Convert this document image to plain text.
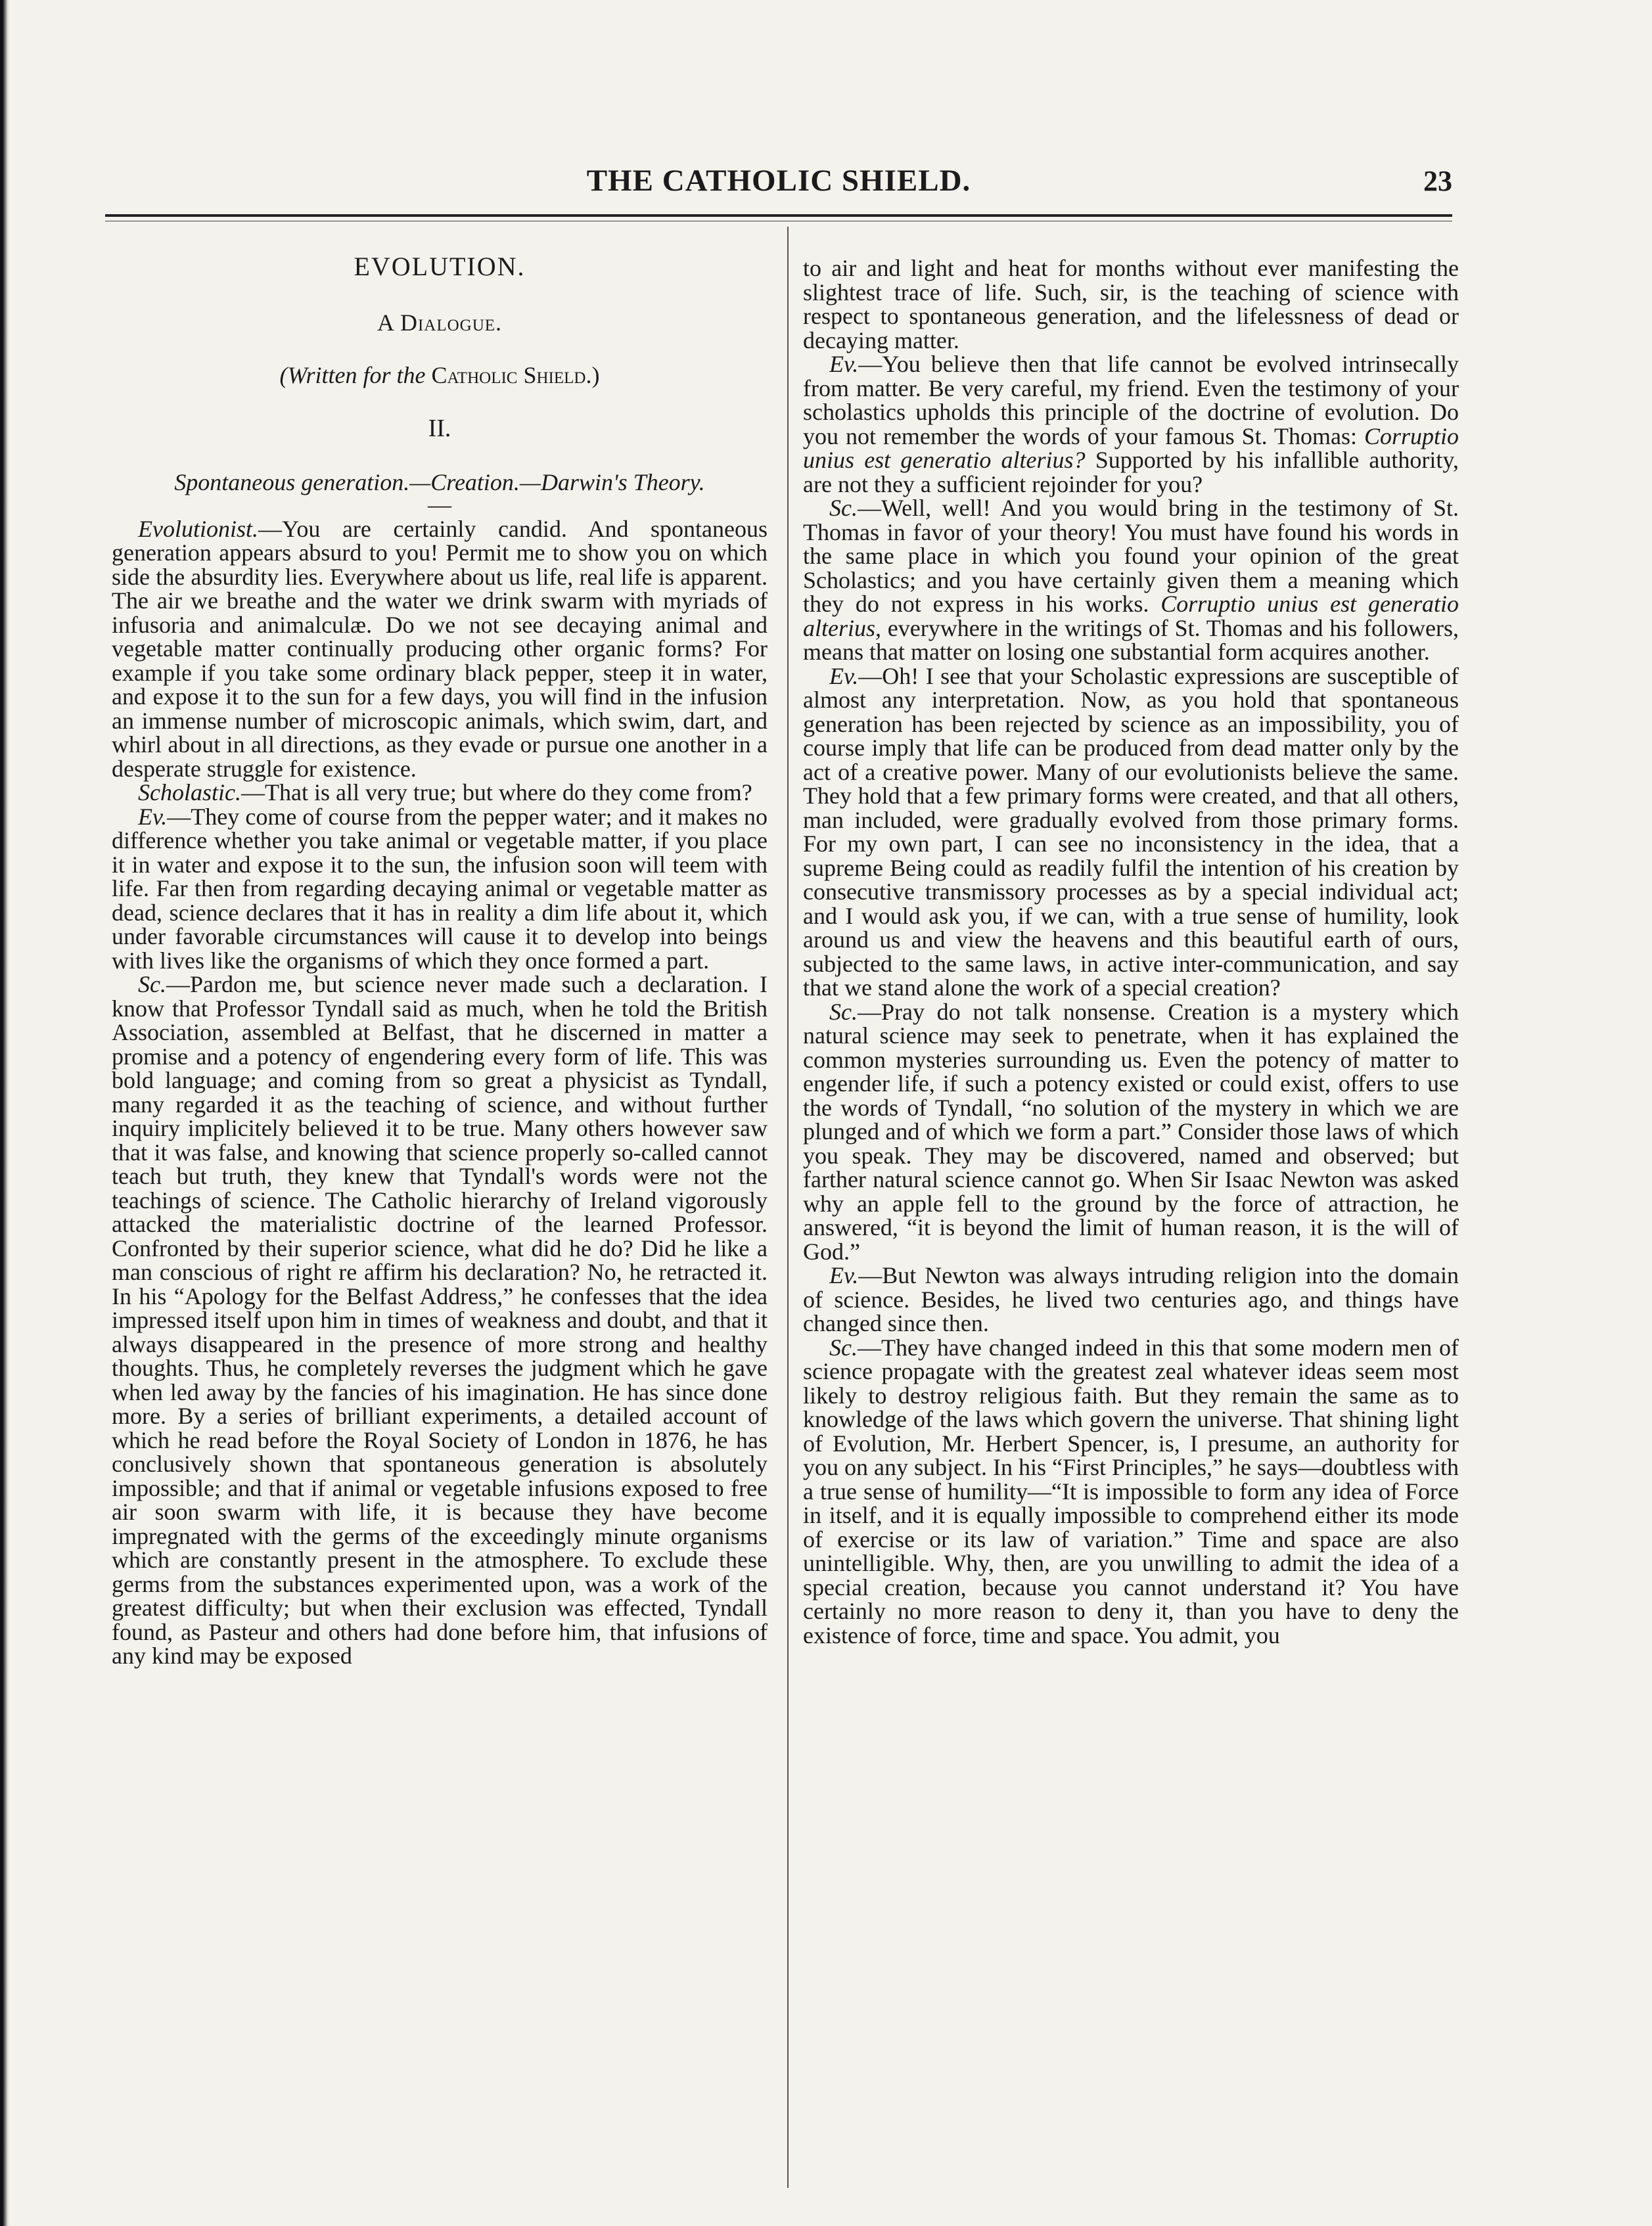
THE CATHOLIC SHIELD.	23

EVOLUTION.

A Dialogue.

(Written for the Catholic Shield.)

II.

Spontaneous generation.—Creation.—Darwin's Theory.

—

Evolutionist.—You are certainly candid. And spontaneous generation appears absurd to you! Permit me to show you on which side the absurdity lies. Everywhere about us life, real life is apparent. The air we breathe and the water we drink swarm with myriads of infusoria and animalculæ. Do we not see decaying animal and vegetable matter continually producing other organic forms? For example if you take some ordinary black pepper, steep it in water, and expose it to the sun for a few days, you will find in the infusion an immense number of microscopic animals, which swim, dart, and whirl about in all directions, as they evade or pursue one another in a desperate struggle for existence.

Scholastic.—That is all very true; but where do they come from?

Ev.—They come of course from the pepper water; and it makes no difference whether you take animal or vegetable matter, if you place it in water and expose it to the sun, the infusion soon will teem with life. Far then from regarding decaying animal or vegetable matter as dead, science declares that it has in reality a dim life about it, which under favorable circumstances will cause it to develop into beings with lives like the organisms of which they once formed a part.

Sc.—Pardon me, but science never made such a declaration. I know that Professor Tyndall said as much, when he told the British Association, assembled at Belfast, that he discerned in matter a promise and a potency of engendering every form of life. This was bold language; and coming from so great a physicist as Tyndall, many regarded it as the teaching of science, and without further inquiry implicitely believed it to be true. Many others however saw that it was false, and knowing that science properly so-called cannot teach but truth, they knew that Tyndall's words were not the teachings of science. The Catholic hierarchy of Ireland vigorously attacked the materialistic doctrine of the learned Professor. Confronted by their superior science, what did he do? Did he like a man conscious of right re affirm his declaration? No, he retracted it. In his “Apology for the Belfast Address,” he confesses that the idea impressed itself upon him in times of weakness and doubt, and that it always disappeared in the presence of more strong and healthy thoughts. Thus, he completely reverses the judgment which he gave when led away by the fancies of his imagination. He has since done more. By a series of brilliant experiments, a detailed account of which he read before the Royal Society of London in 1876, he has conclusively shown that spontaneous generation is absolutely impossible; and that if animal or vegetable infusions exposed to free air soon swarm with life, it is because they have become impregnated with the germs of the exceedingly minute organisms which are constantly present in the atmosphere. To exclude these germs from the substances experimented upon, was a work of the greatest difficulty; but when their exclusion was effected, Tyndall found, as Pasteur and others had done before him, that infusions of any kind may be exposed

to air and light and heat for months without ever manifesting the slightest trace of life. Such, sir, is the teaching of science with respect to spontaneous generation, and the lifelessness of dead or decaying matter.

Ev.—You believe then that life cannot be evolved intrinsecally from matter. Be very careful, my friend. Even the testimony of your scholastics upholds this principle of the doctrine of evolution. Do you not remember the words of your famous St. Thomas: Corruptio unius est generatio alterius? Supported by his infallible authority, are not they a sufficient rejoinder for you?

Sc.—Well, well! And you would bring in the testimony of St. Thomas in favor of your theory! You must have found his words in the same place in which you found your opinion of the great Scholastics; and you have certainly given them a meaning which they do not express in his works. Corruptio unius est generatio alterius, everywhere in the writings of St. Thomas and his followers, means that matter on losing one substantial form acquires another.

Ev.—Oh! I see that your Scholastic expressions are susceptible of almost any interpretation. Now, as you hold that spontaneous generation has been rejected by science as an impossibility, you of course imply that life can be produced from dead matter only by the act of a creative power. Many of our evolutionists believe the same. They hold that a few primary forms were created, and that all others, man included, were gradually evolved from those primary forms. For my own part, I can see no inconsistency in the idea, that a supreme Being could as readily fulfil the intention of his creation by consecutive transmissory processes as by a special individual act; and I would ask you, if we can, with a true sense of humility, look around us and view the heavens and this beautiful earth of ours, subjected to the same laws, in active inter-communication, and say that we stand alone the work of a special creation?

Sc.—Pray do not talk nonsense. Creation is a mystery which natural science may seek to penetrate, when it has explained the common mysteries surrounding us. Even the potency of matter to engender life, if such a potency existed or could exist, offers to use the words of Tyndall, “no solution of the mystery in which we are plunged and of which we form a part.” Consider those laws of which you speak. They may be discovered, named and observed; but farther natural science cannot go. When Sir Isaac Newton was asked why an apple fell to the ground by the force of attraction, he answered, “it is beyond the limit of human reason, it is the will of God.”

Ev.—But Newton was always intruding religion into the domain of science. Besides, he lived two centuries ago, and things have changed since then.

Sc.—They have changed indeed in this that some modern men of science propagate with the greatest zeal whatever ideas seem most likely to destroy religious faith. But they remain the same as to knowledge of the laws which govern the universe. That shining light of Evolution, Mr. Herbert Spencer, is, I presume, an authority for you on any subject. In his “First Principles,” he says—doubtless with a true sense of humility—“It is impossible to form any idea of Force in itself, and it is equally impossible to comprehend either its mode of exercise or its law of variation.” Time and space are also unintelligible. Why, then, are you unwilling to admit the idea of a special creation, because you cannot understand it? You have certainly no more reason to deny it, than you have to deny the existence of force, time and space. You admit, you
